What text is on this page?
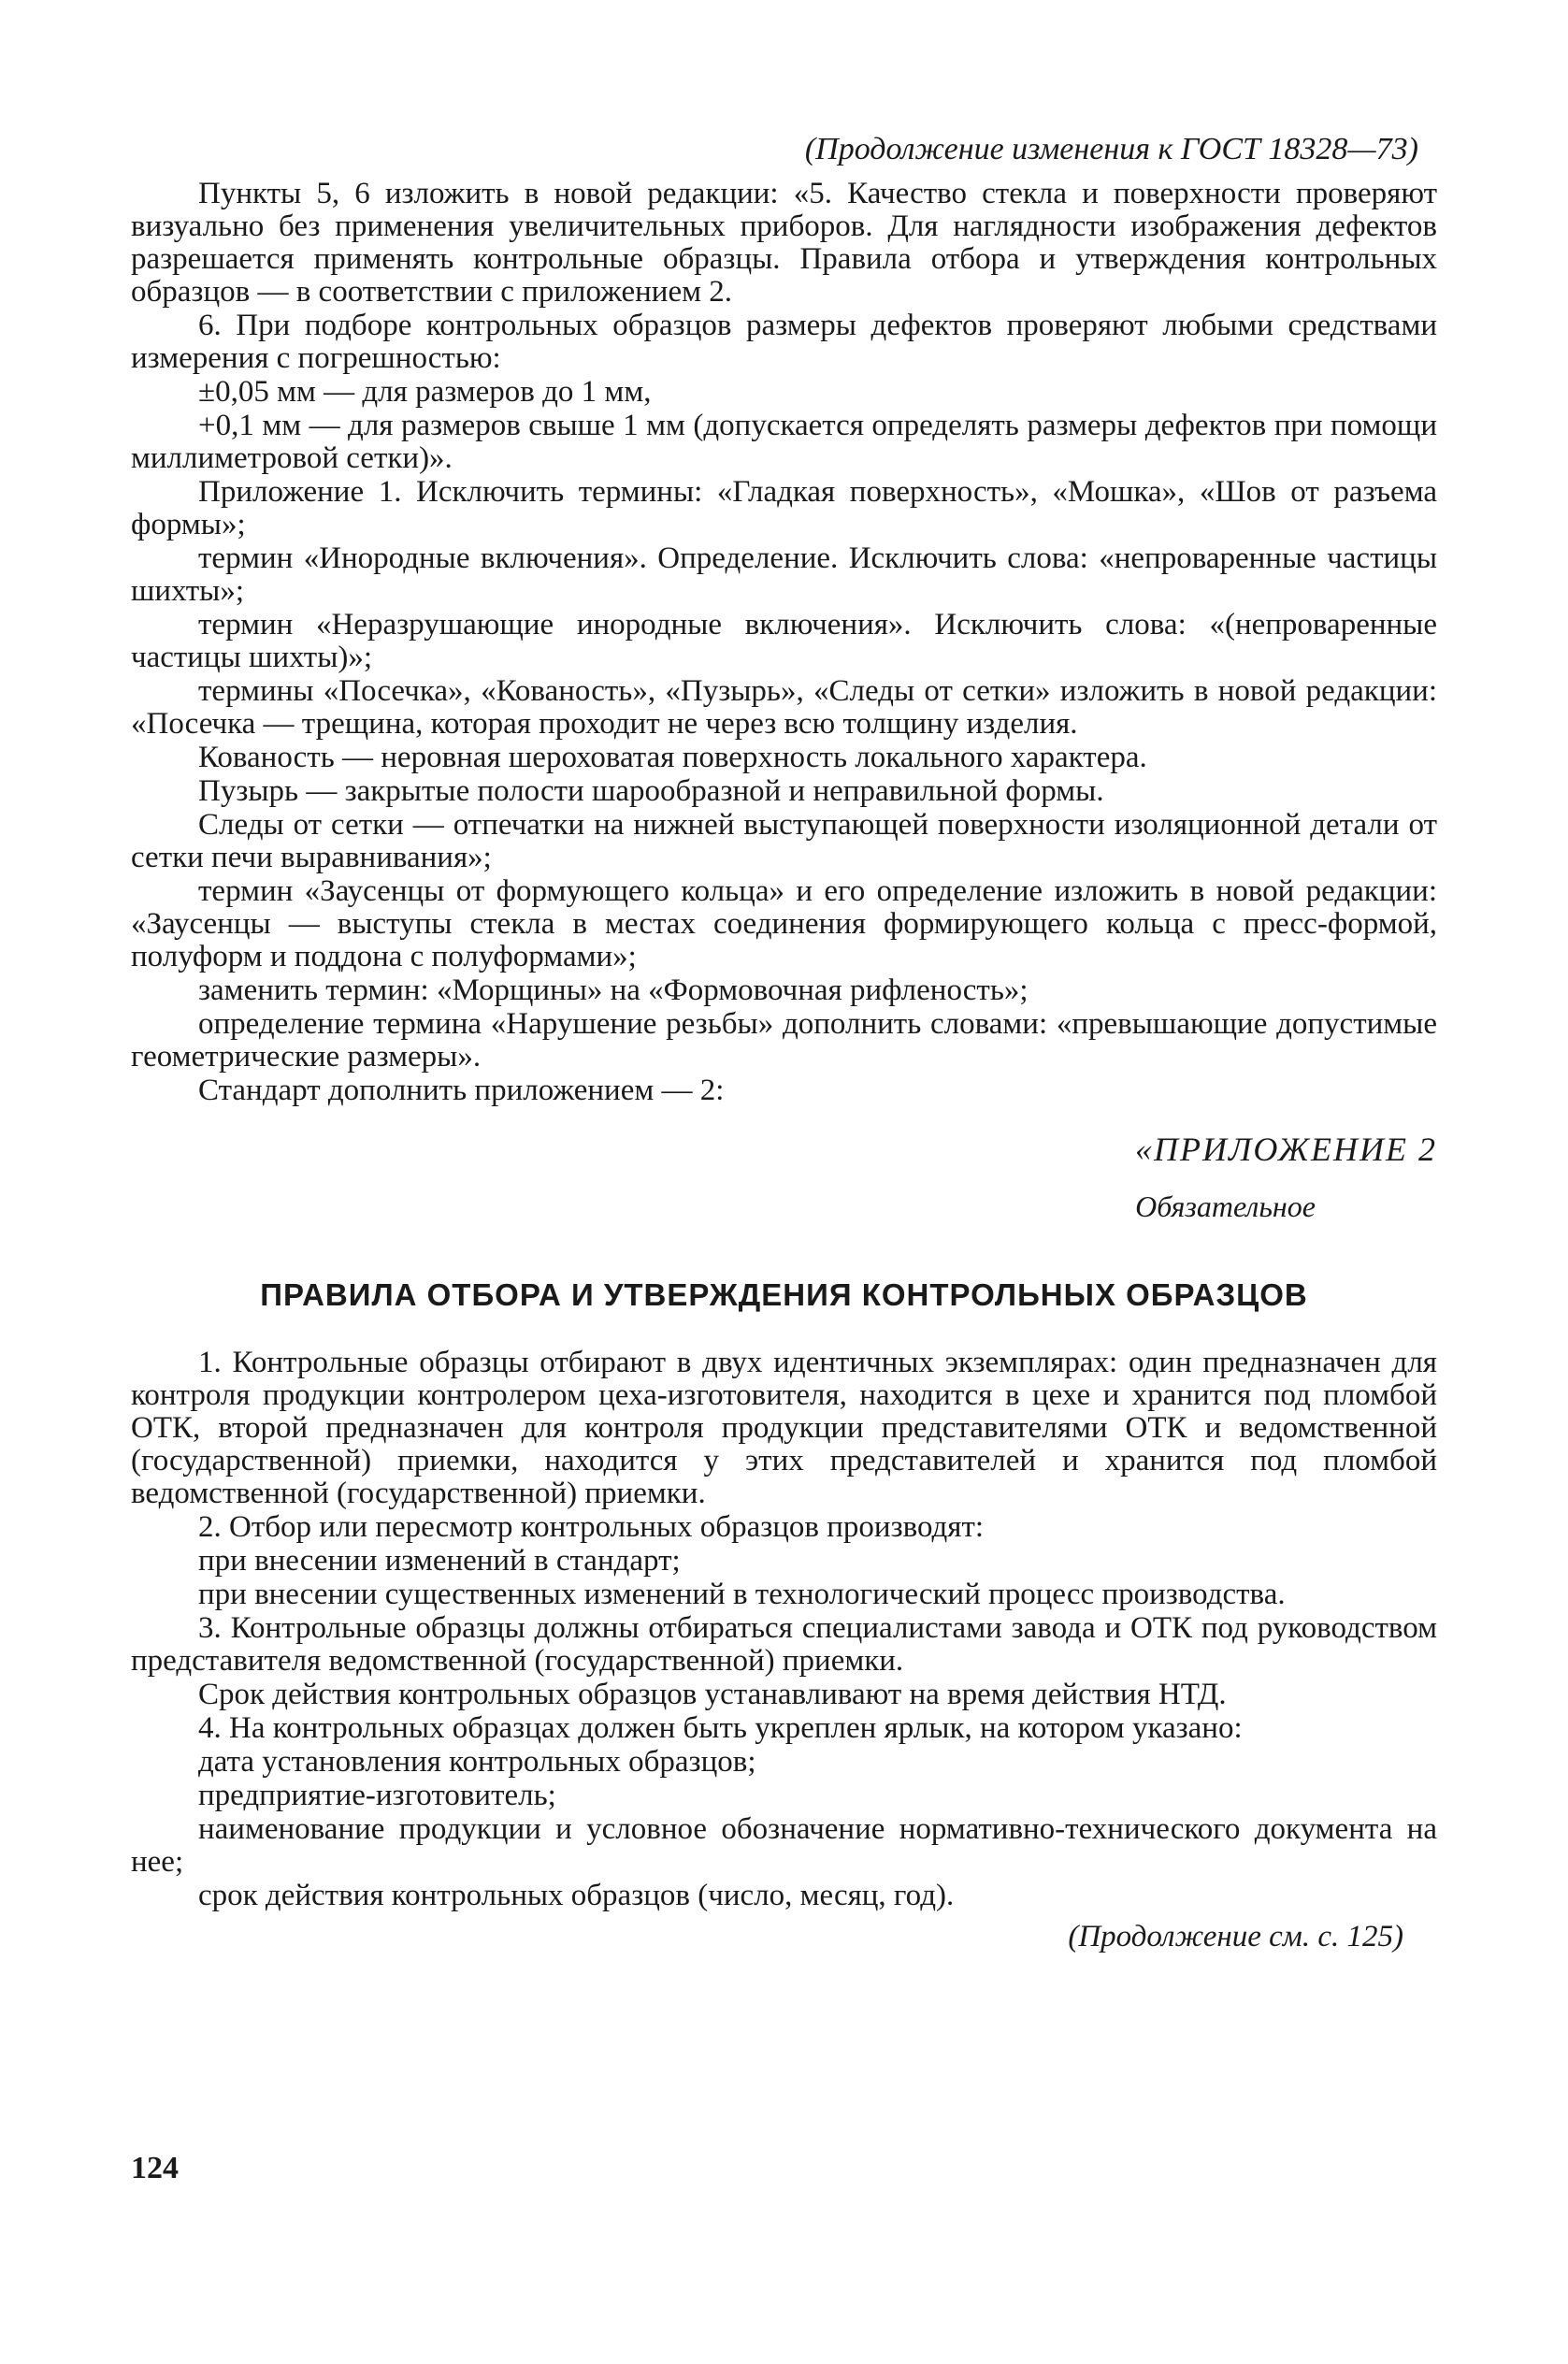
(Продолжение изменения к ГОСТ 18328—73)

Пункты 5, 6 изложить в новой редакции: «5. Качество стекла и поверхности проверяют визуально без применения увеличительных приборов. Для наглядности изображения дефектов разрешается применять контрольные образцы. Правила отбора и утверждения контрольных образцов — в соответствии с приложением 2.

6. При подборе контрольных образцов размеры дефектов проверяют любыми средствами измерения с погрешностью:

±0,05 мм — для размеров до 1 мм,

+0,1 мм — для размеров свыше 1 мм (допускается определять размеры дефектов при помощи миллиметровой сетки)».

Приложение 1. Исключить термины: «Гладкая поверхность», «Мошка», «Шов от разъема формы»;

термин «Инородные включения». Определение. Исключить слова: «непроваренные частицы шихты»;

термин «Неразрушающие инородные включения». Исключить слова: «(непроваренные частицы шихты)»;

термины «Посечка», «Кованость», «Пузырь», «Следы от сетки» изложить в новой редакции: «Посечка — трещина, которая проходит не через всю толщину изделия.

Кованость — неровная шероховатая поверхность локального характера.

Пузырь — закрытые полости шарообразной и неправильной формы.

Следы от сетки — отпечатки на нижней выступающей поверхности изоляционной детали от сетки печи выравнивания»;

термин «Заусенцы от формующего кольца» и его определение изложить в новой редакции: «Заусенцы — выступы стекла в местах соединения формирующего кольца с пресс-формой, полуформ и поддона с полуформами»;

заменить термин: «Морщины» на «Формовочная рифленость»;

определение термина «Нарушение резьбы» дополнить словами: «превышающие допустимые геометрические размеры».

Стандарт дополнить приложением — 2:

«ПРИЛОЖЕНИЕ 2
Обязательное
ПРАВИЛА ОТБОРА И УТВЕРЖДЕНИЯ КОНТРОЛЬНЫХ ОБРАЗЦОВ

1. Контрольные образцы отбирают в двух идентичных экземплярах: один предназначен для контроля продукции контролером цеха-изготовителя, находится в цехе и хранится под пломбой ОТК, второй предназначен для контроля продукции представителями ОТК и ведомственной (государственной) приемки, находится у этих представителей и хранится под пломбой ведомственной (государственной) приемки.

2. Отбор или пересмотр контрольных образцов производят:

при внесении изменений в стандарт;

при внесении существенных изменений в технологический процесс производства.

3. Контрольные образцы должны отбираться специалистами завода и ОТК под руководством представителя ведомственной (государственной) приемки.

Срок действия контрольных образцов устанавливают на время действия НТД.

4. На контрольных образцах должен быть укреплен ярлык, на котором указано:

дата установления контрольных образцов;

предприятие-изготовитель;

наименование продукции и условное обозначение нормативно-технического документа на нее;

срок действия контрольных образцов (число, месяц, год).

(Продолжение см. с. 125)
124
